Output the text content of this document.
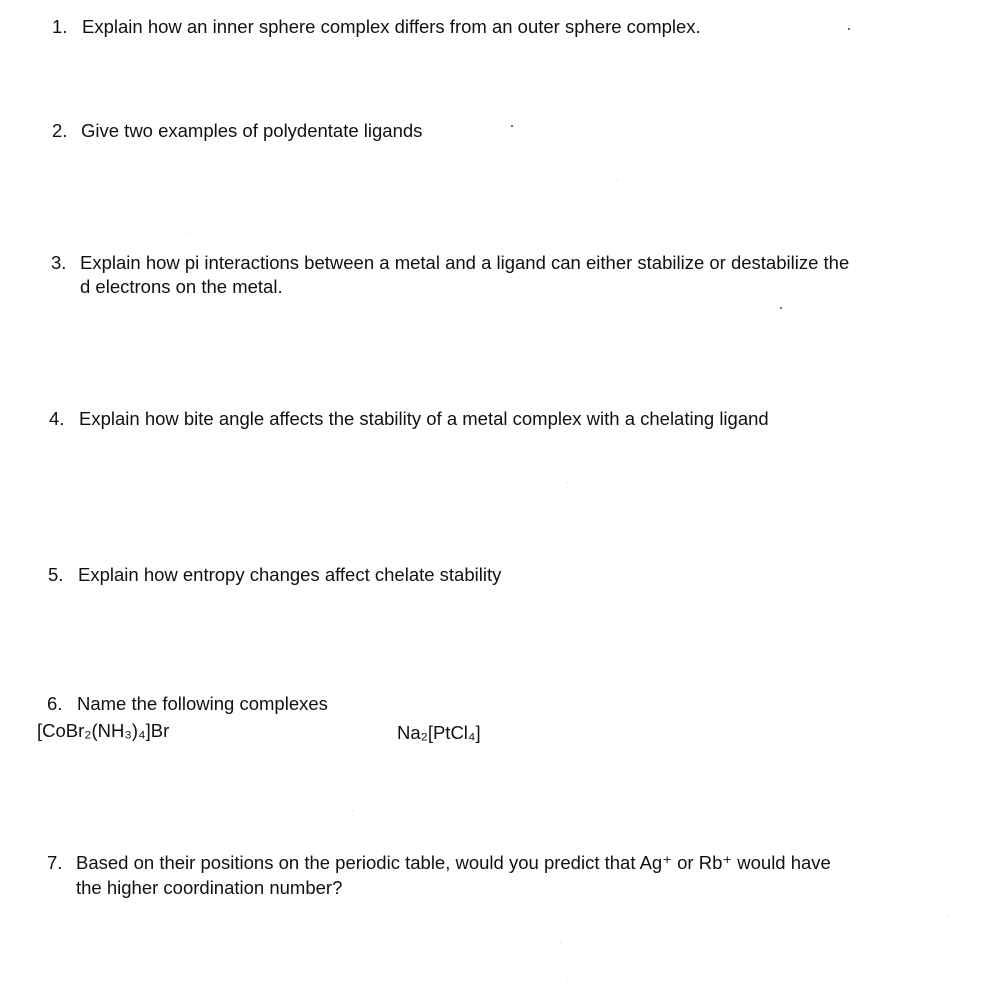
1. Explain how an inner sphere complex differs from an outer sphere complex.
2. Give two examples of polydentate ligands
3. Explain how pi interactions between a metal and a ligand can either stabilize or destabilize the
d electrons on the metal.
4. Explain how bite angle affects the stability of a metal complex with a chelating ligand
5. Explain how entropy changes affect chelate stability
6. Name the following complexes
[CoBr₂(NH₃)₄]Br	Na₂[PtCl₄]
7. Based on their positions on the periodic table, would you predict that Ag⁺ or Rb⁺ would have
the higher coordination number?
